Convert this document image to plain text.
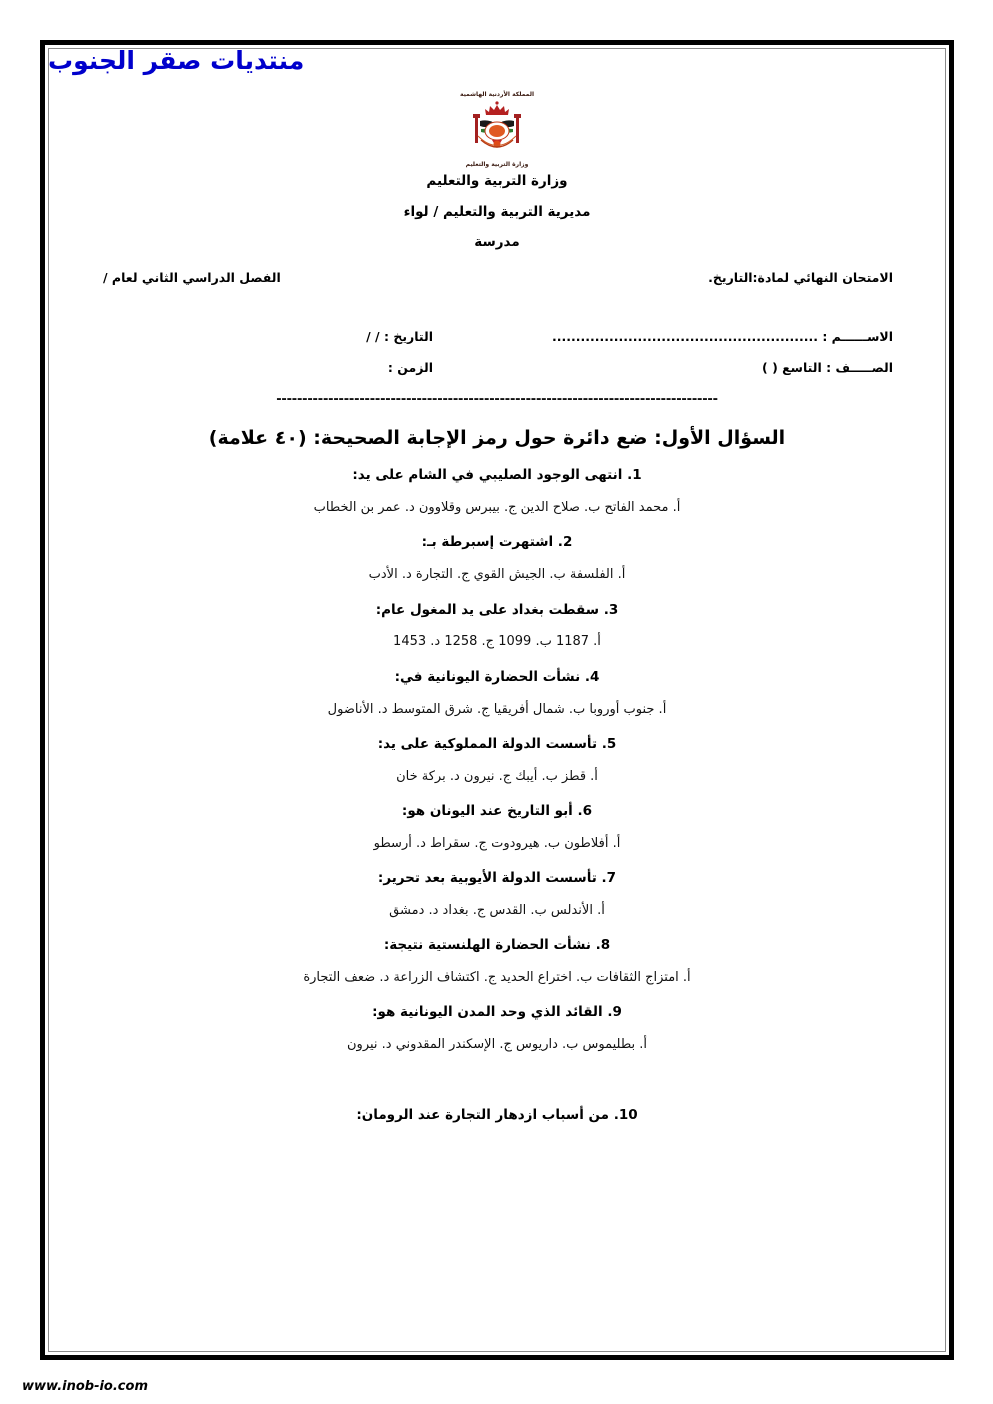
منتديات صقر الجنوب
المملكة الأردنية الهاشمية
وزارة التربية والتعليم
وزارة التربية والتعليم
مديرية التربية والتعليم / لواء
مدرسة
الامتحان النهائي لمادة:التاريخ.
الفصل الدراسي الثاني لعام /
الاســــــم : ........................................................
التاريخ : / /
الصـــــف : التاسع ( )
الزمن :
-------------------------------------------------------------------------------------
السؤال الأول: ضع دائرة حول رمز الإجابة الصحيحة: (٤٠ علامة)
1. انتهى الوجود الصليبي في الشام على يد:
أ. محمد الفاتح ب. صلاح الدين ج. بيبرس وقلاوون د. عمر بن الخطاب
2. اشتهرت إسبرطة بـ:
أ. الفلسفة ب. الجيش القوي ج. التجارة د. الأدب
3. سقطت بغداد على يد المغول عام:
أ. 1187 ب. 1099 ج. 1258 د. 1453
4. نشأت الحضارة اليونانية في:
أ. جنوب أوروبا ب. شمال أفريقيا ج. شرق المتوسط د. الأناضول
5. تأسست الدولة المملوكية على يد:
أ. قطز ب. أيبك ج. نيرون د. بركة خان
6. أبو التاريخ عند اليونان هو:
أ. أفلاطون ب. هيرودوت ج. سقراط د. أرسطو
7. تأسست الدولة الأيوبية بعد تحرير:
أ. الأندلس ب. القدس ج. بغداد د. دمشق
8. نشأت الحضارة الهلنستية نتيجة:
أ. امتزاج الثقافات ب. اختراع الحديد ج. اكتشاف الزراعة د. ضعف التجارة
9. القائد الذي وحد المدن اليونانية هو:
أ. بطليموس ب. داريوس ج. الإسكندر المقدوني د. نيرون
10. من أسباب ازدهار التجارة عند الرومان:
www.inob-io.com
